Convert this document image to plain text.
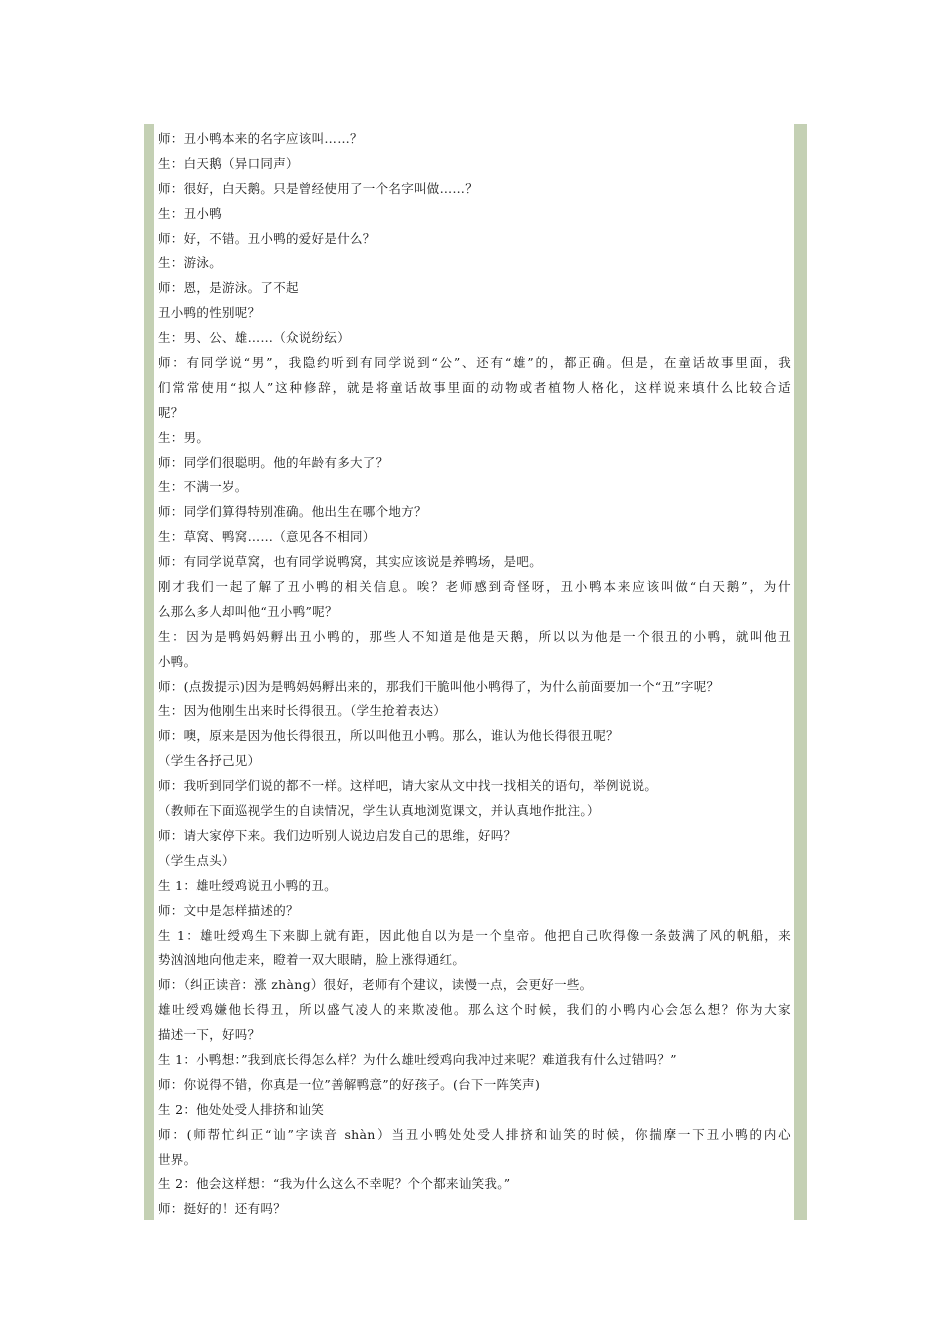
师：丑小鸭本来的名字应该叫……？
生：白天鹅（异口同声）
师：很好，白天鹅。只是曾经使用了一个名字叫做……？
生：丑小鸭
师：好，不错。丑小鸭的爱好是什么？
生：游泳。
师：恩，是游泳。了不起
丑小鸭的性别呢？
生：男、公、雄……（众说纷纭）
师：有同学说“男”，我隐约听到有同学说到“公”、还有“雄”的，都正确。但是，在童话故事里面，我
们常常使用“拟人”这种修辞，就是将童话故事里面的动物或者植物人格化，这样说来填什么比较合适
呢？
生：男。
师：同学们很聪明。他的年龄有多大了？
生：不满一岁。
师：同学们算得特别准确。他出生在哪个地方？
生：草窝、鸭窝……（意见各不相同）
师：有同学说草窝，也有同学说鸭窝，其实应该说是养鸭场，是吧。
刚才我们一起了解了丑小鸭的相关信息。唉？老师感到奇怪呀，丑小鸭本来应该叫做“白天鹅”，为什
么那么多人却叫他“丑小鸭”呢？
生：因为是鸭妈妈孵出丑小鸭的，那些人不知道是他是天鹅，所以以为他是一个很丑的小鸭，就叫他丑
小鸭。
师：(点拨提示)因为是鸭妈妈孵出来的，那我们干脆叫他小鸭得了，为什么前面要加一个“丑”字呢？
生：因为他刚生出来时长得很丑。（学生抢着表达）
师：噢，原来是因为他长得很丑，所以叫他丑小鸭。那么，谁认为他长得很丑呢？
（学生各抒己见）
师：我听到同学们说的都不一样。这样吧，请大家从文中找一找相关的语句，举例说说。
（教师在下面巡视学生的自读情况，学生认真地浏览课文，并认真地作批注。）
师：请大家停下来。我们边听别人说边启发自己的思维，好吗？
（学生点头）
生 1：雄吐绶鸡说丑小鸭的丑。
师：文中是怎样描述的？
生 1：雄吐绶鸡生下来脚上就有距，因此他自以为是一个皇帝。他把自己吹得像一条鼓满了风的帆船，来
势汹汹地向他走来，瞪着一双大眼睛，脸上涨得通红。
师：（纠正读音：涨 zhàng）很好，老师有个建议，读慢一点，会更好一些。
雄吐绶鸡嫌他长得丑，所以盛气凌人的来欺凌他。那么这个时候，我们的小鸭内心会怎么想？你为大家
描述一下，好吗？
生 1：小鸭想：”我到底长得怎么样？为什么雄吐绶鸡向我冲过来呢？难道我有什么过错吗？”
师：你说得不错，你真是一位”善解鸭意”的好孩子。(台下一阵笑声)
生 2：他处处受人排挤和讪笑
师：(师帮忙纠正“讪”字读音 shàn）当丑小鸭处处受人排挤和讪笑的时候，你揣摩一下丑小鸭的内心
世界。
生 2：他会这样想：“我为什么这么不幸呢？个个都来讪笑我。”
师：挺好的！还有吗？
